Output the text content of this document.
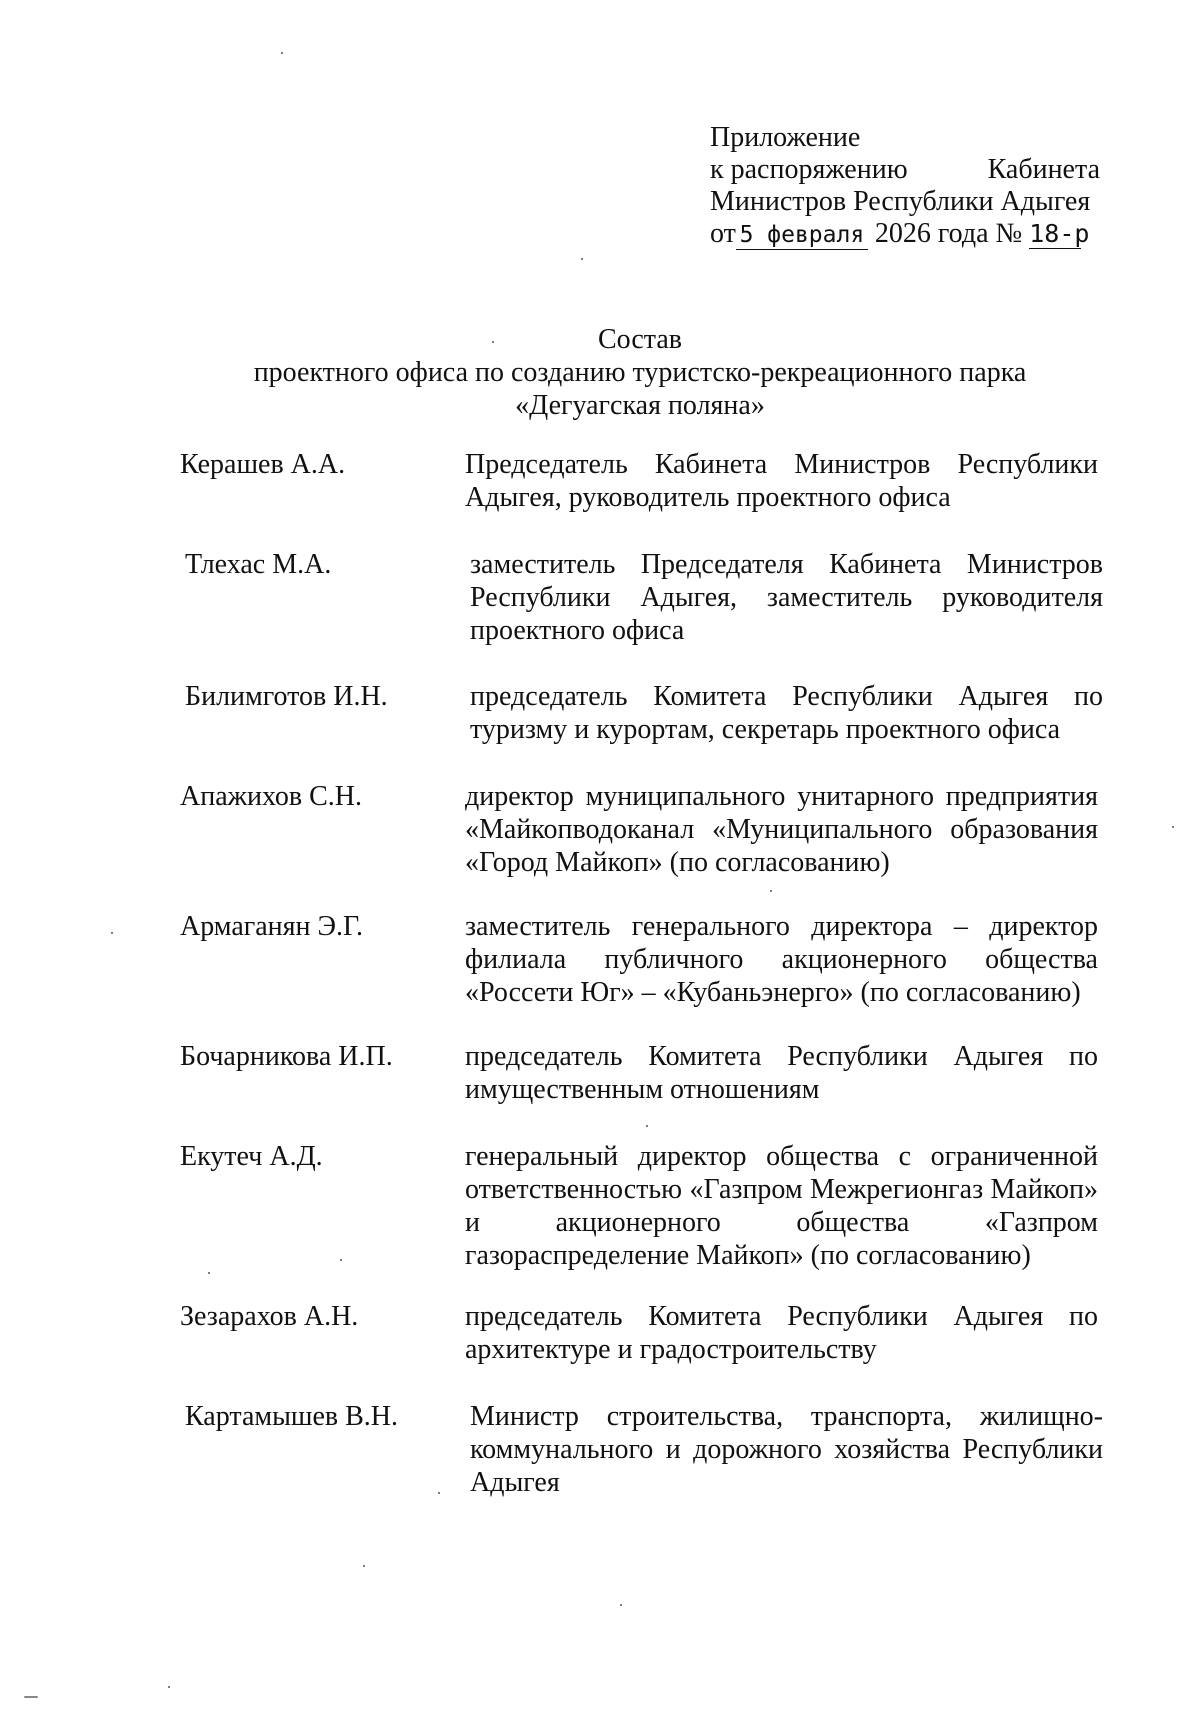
Приложение
к распоряжению	Кабинета
Министров Республики Адыгея
от 5 февраля 2026 года № 18-р
Состав
проектного офиса по созданию туристско-рекреационного парка
«Дегуагская поляна»
Керашев А.А.	Председатель Кабинета Министров Республики Адыгея, руководитель проектного офиса
Тлехас М.А.	заместитель Председателя Кабинета Министров Республики Адыгея, заместитель руководителя проектного офиса
Билимготов И.Н.	председатель Комитета Республики Адыгея по туризму и курортам, секретарь проектного офиса
Апажихов С.Н.	директор муниципального унитарного предприятия «Майкопводоканал «Муниципального образования «Город Майкоп» (по согласованию)
Армаганян Э.Г.	заместитель генерального директора – директор филиала публичного акционерного общества «Россети Юг» – «Кубаньэнерго» (по согласованию)
Бочарникова И.П.	председатель Комитета Республики Адыгея по имущественным отношениям
Екутеч А.Д.	генеральный директор общества с ограниченной ответственностью «Газпром Межрегионгаз Майкоп» и акционерного общества «Газпром газораспределение Майкоп» (по согласованию)
Зезарахов А.Н.	председатель Комитета Республики Адыгея по архитектуре и градостроительству
Картамышев В.Н.	Министр строительства, транспорта, жилищно-коммунального и дорожного хозяйства Республики Адыгея
